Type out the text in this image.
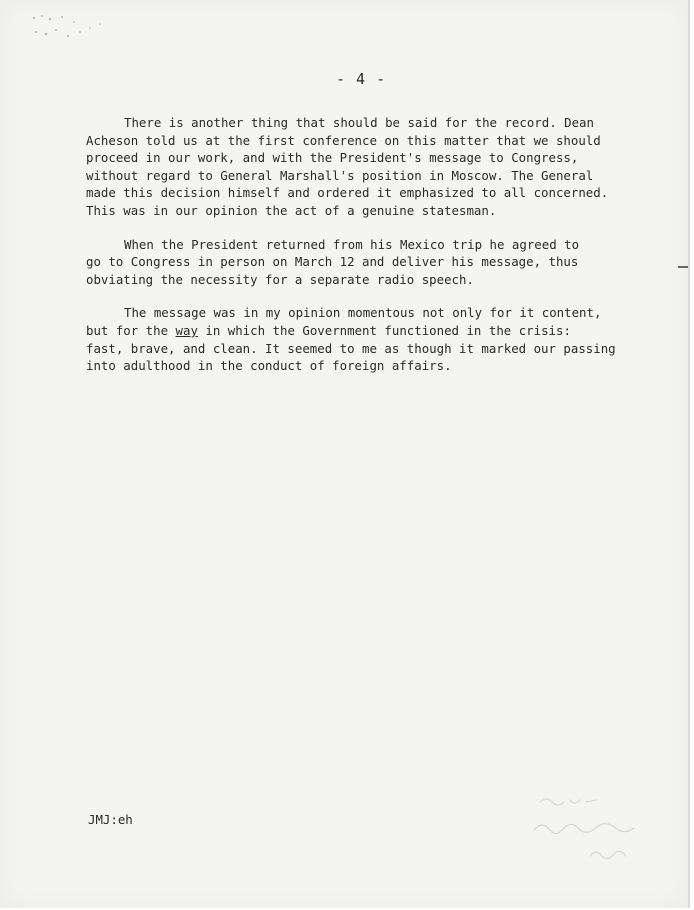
- 4 -

There is another thing that should be said for the record. Dean
Acheson told us at the first conference on this matter that we should
proceed in our work, and with the President's message to Congress,
without regard to General Marshall's position in Moscow. The General
made this decision himself and ordered it emphasized to all concerned.
This was in our opinion the act of a genuine statesman.

When the President returned from his Mexico trip he agreed to
go to Congress in person on March 12 and deliver his message, thus
obviating the necessity for a separate radio speech.

The message was in my opinion momentous not only for it content,
but for the way in which the Government functioned in the crisis:
fast, brave, and clean. It seemed to me as though it marked our passing
into adulthood in the conduct of foreign affairs.

JMJ:eh
